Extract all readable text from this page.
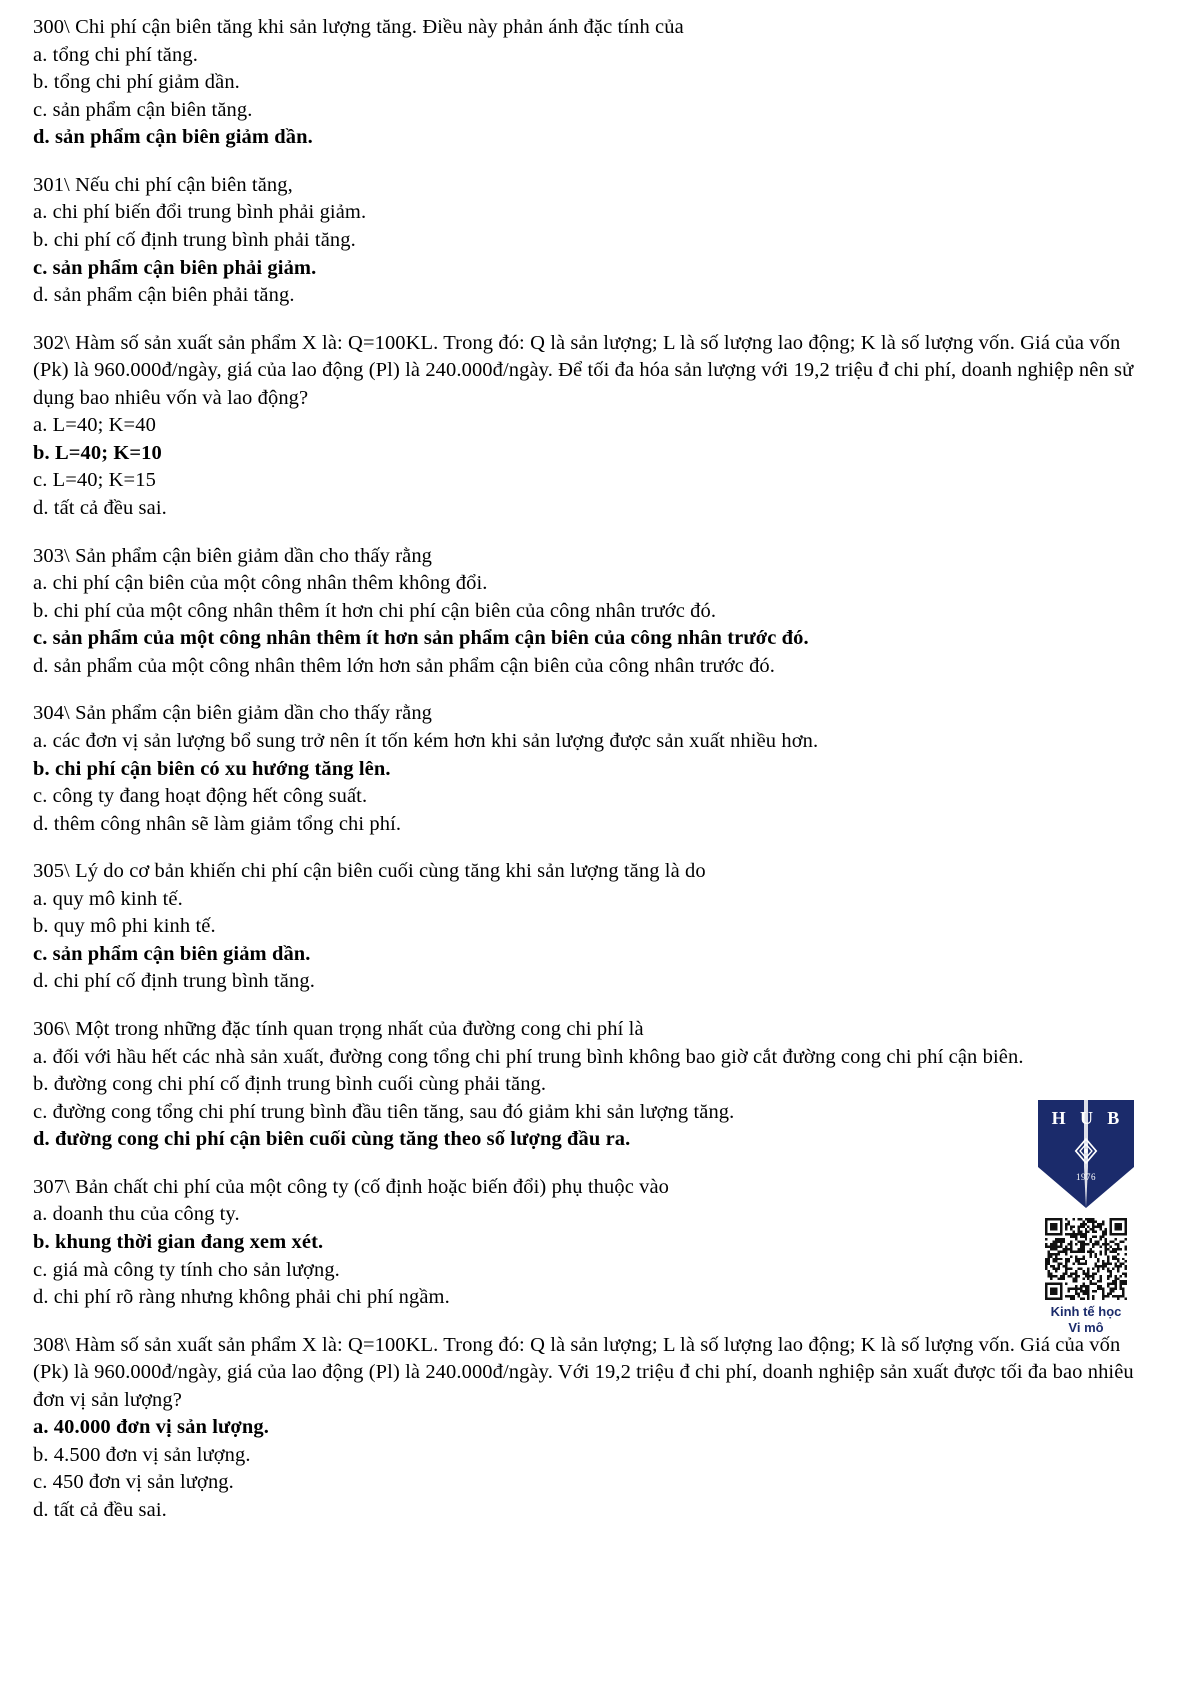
300\ Chi phí cận biên tăng khi sản lượng tăng. Điều này phản ánh đặc tính của
a. tổng chi phí tăng.
b. tổng chi phí giảm dần.
c. sản phẩm cận biên tăng.
d. sản phẩm cận biên giảm dần.
301\ Nếu chi phí cận biên tăng,
a. chi phí biến đổi trung bình phải giảm.
b. chi phí cố định trung bình phải tăng.
c. sản phẩm cận biên phải giảm.
d. sản phẩm cận biên phải tăng.
302\ Hàm số sản xuất sản phẩm X là: Q=100KL. Trong đó: Q là sản lượng; L là số lượng lao động; K là số lượng vốn. Giá của vốn (Pk) là 960.000đ/ngày, giá của lao động (Pl) là 240.000đ/ngày. Để tối đa hóa sản lượng với 19,2 triệu đ chi phí, doanh nghiệp nên sử dụng bao nhiêu vốn và lao động?
a. L=40; K=40
b. L=40; K=10
c. L=40; K=15
d. tất cả đều sai.
303\ Sản phẩm cận biên giảm dần cho thấy rằng
a. chi phí cận biên của một công nhân thêm không đổi.
b. chi phí của một công nhân thêm ít hơn chi phí cận biên của công nhân trước đó.
c. sản phẩm của một công nhân thêm ít hơn sản phẩm cận biên của công nhân trước đó.
d. sản phẩm của một công nhân thêm lớn hơn sản phẩm cận biên của công nhân trước đó.
304\ Sản phẩm cận biên giảm dần cho thấy rằng
a. các đơn vị sản lượng bổ sung trở nên ít tốn kém hơn khi sản lượng được sản xuất nhiều hơn.
b. chi phí cận biên có xu hướng tăng lên.
c. công ty đang hoạt động hết công suất.
d. thêm công nhân sẽ làm giảm tổng chi phí.
305\ Lý do cơ bản khiến chi phí cận biên cuối cùng tăng khi sản lượng tăng là do
a. quy mô kinh tế.
b. quy mô phi kinh tế.
c. sản phẩm cận biên giảm dần.
d. chi phí cố định trung bình tăng.
306\ Một trong những đặc tính quan trọng nhất của đường cong chi phí là
a. đối với hầu hết các nhà sản xuất, đường cong tổng chi phí trung bình không bao giờ cắt đường cong chi phí cận biên.
b. đường cong chi phí cố định trung bình cuối cùng phải tăng.
c. đường cong tổng chi phí trung bình đầu tiên tăng, sau đó giảm khi sản lượng tăng.
d. đường cong chi phí cận biên cuối cùng tăng theo số lượng đầu ra.
307\ Bản chất chi phí của một công ty (cố định hoặc biến đổi) phụ thuộc vào
a. doanh thu của công ty.
b. khung thời gian đang xem xét.
c. giá mà công ty tính cho sản lượng.
d. chi phí rõ ràng nhưng không phải chi phí ngầm.
308\ Hàm số sản xuất sản phẩm X là: Q=100KL. Trong đó: Q là sản lượng; L là số lượng lao động; K là số lượng vốn. Giá của vốn (Pk) là 960.000đ/ngày, giá của lao động (Pl) là 240.000đ/ngày. Với 19,2 triệu đ chi phí, doanh nghiệp sản xuất được tối đa bao nhiêu đơn vị sản lượng?
a. 40.000 đơn vị sản lượng.
b. 4.500 đơn vị sản lượng.
c. 450 đơn vị sản lượng.
d. tất cả đều sai.
H U B
1976
Kinh tế học
Vi mô
